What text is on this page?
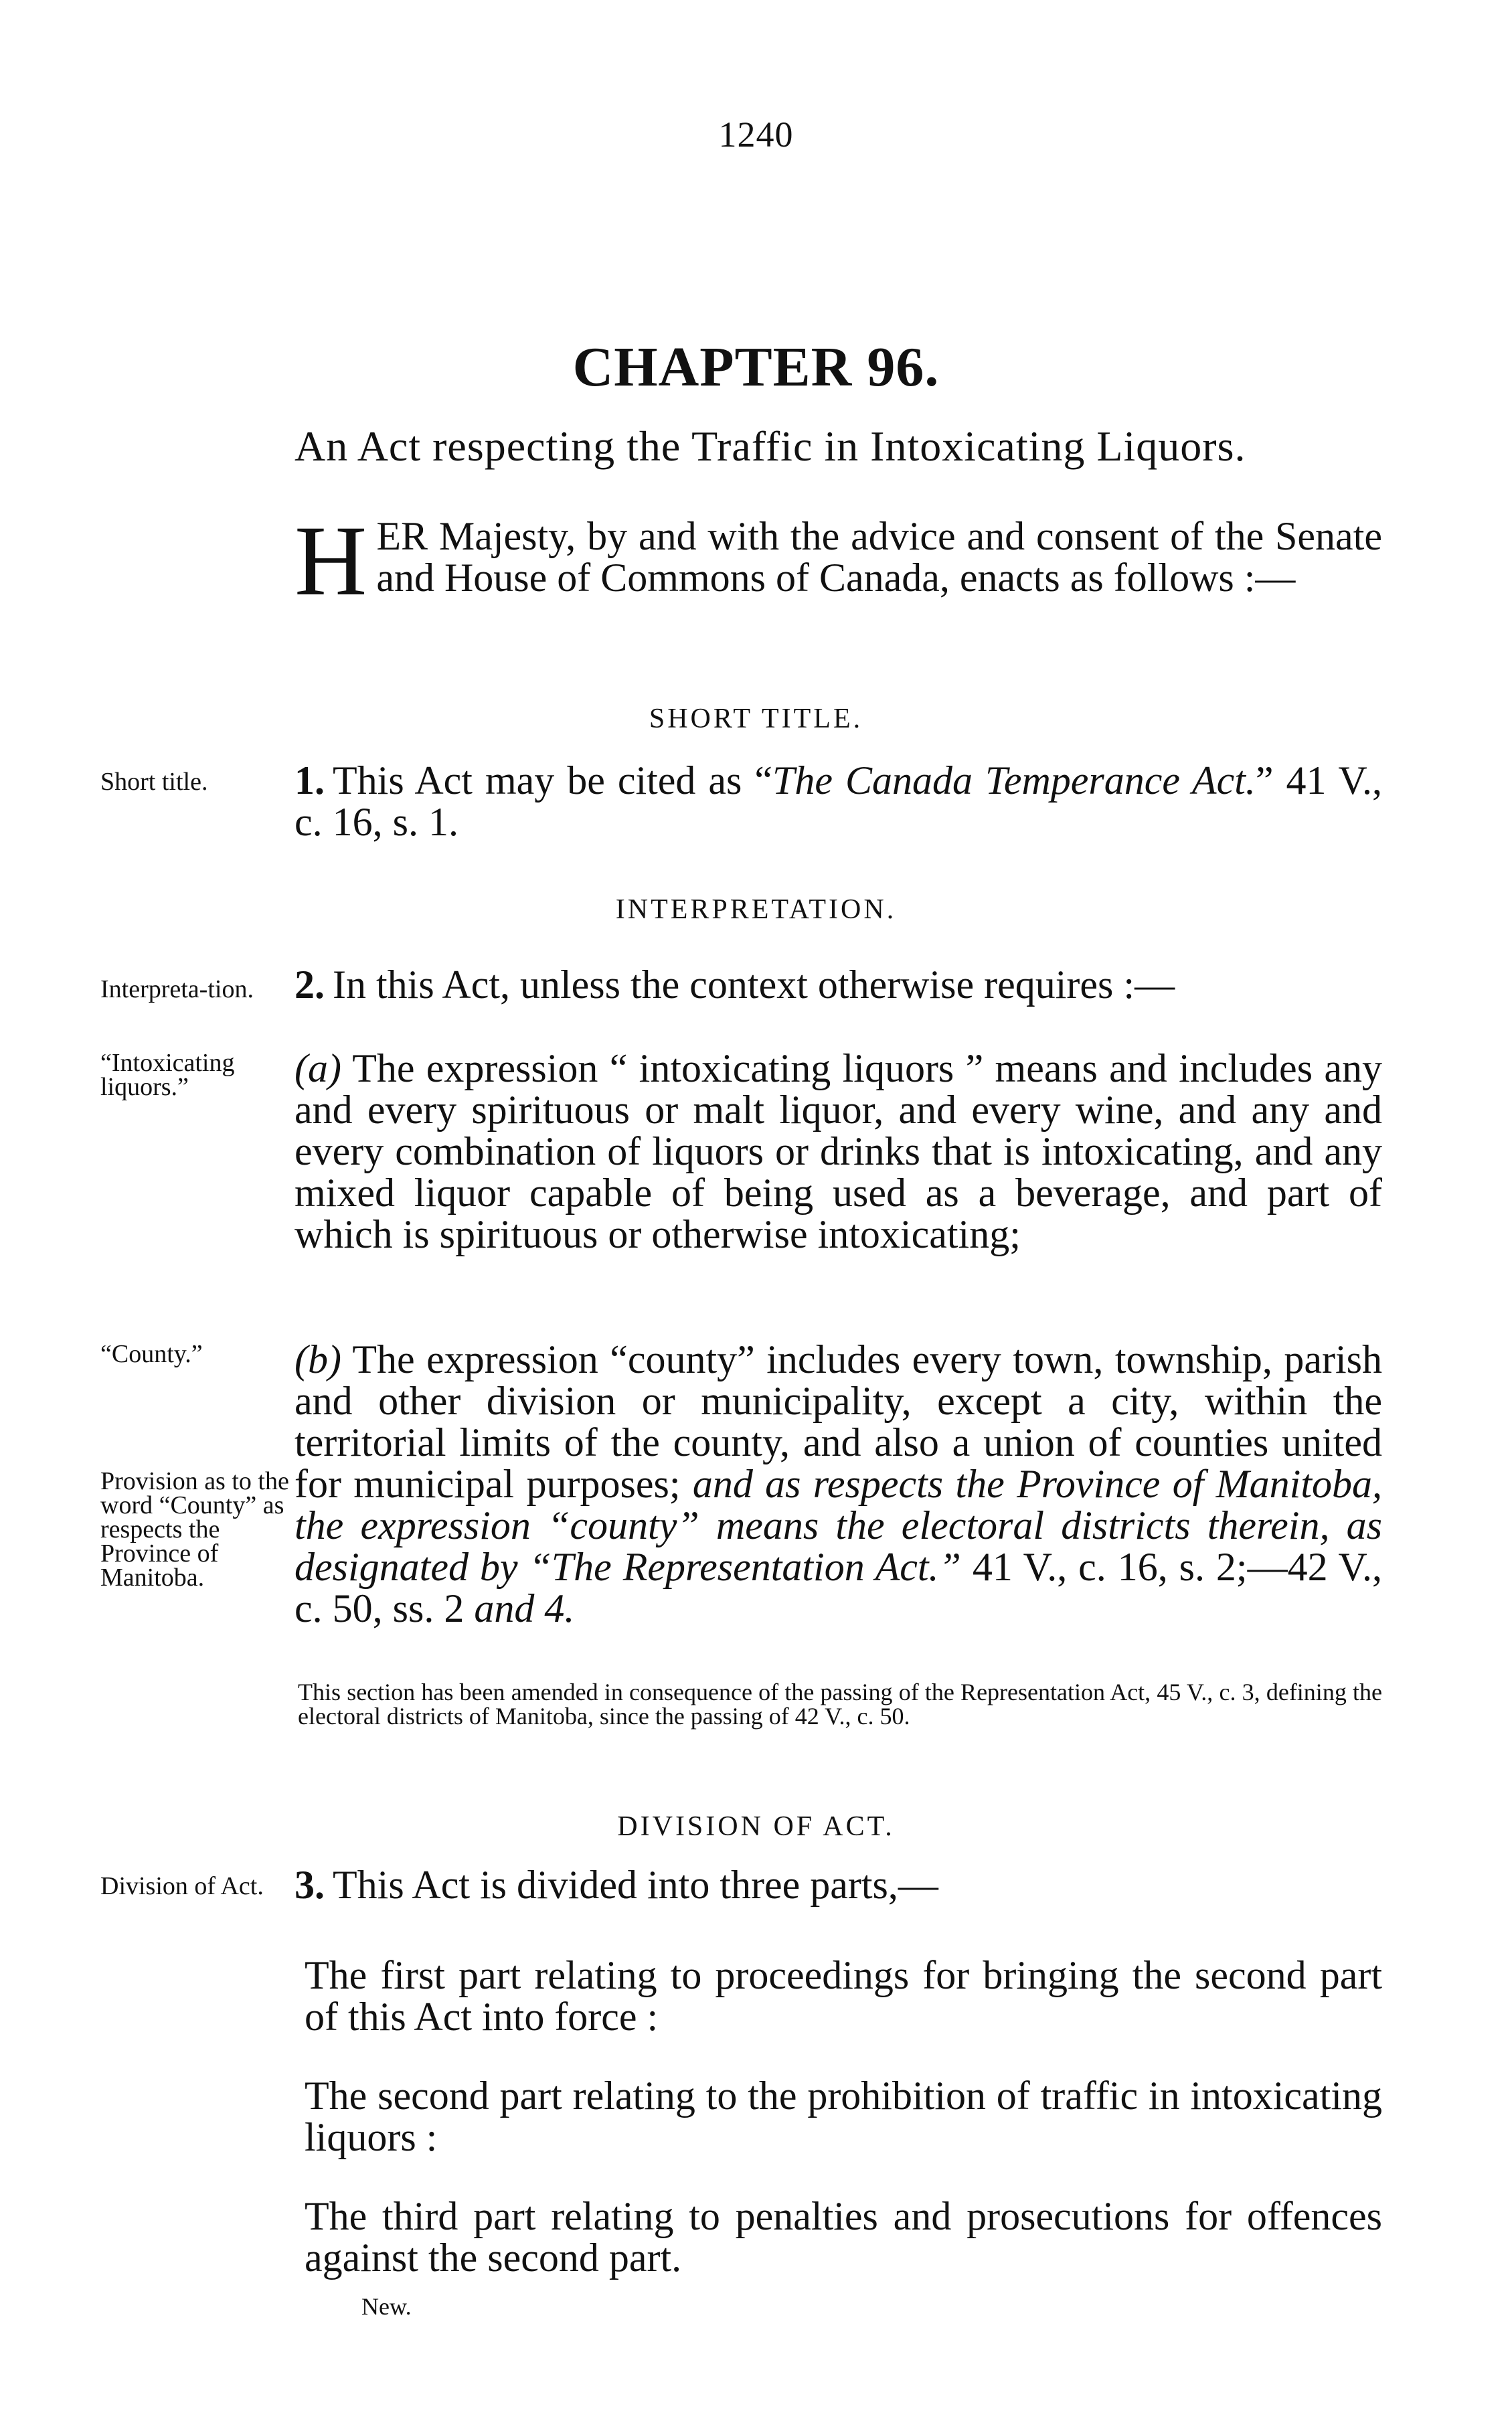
1240
CHAPTER 96.
An Act respecting the Traffic in Intoxicating Liquors.
H ER Majesty, by and with the advice and consent of the Senate and House of Commons of Canada, enacts as follows :—
SHORT TITLE.
Short title.	1. This Act may be cited as “The Canada Temperance Act.” 41 V., c. 16, s. 1.
INTERPRETATION.
Interpreta-tion.	2. In this Act, unless the context otherwise requires :—
“Intoxicating liquors.”	(a) The expression “ intoxicating liquors ” means and includes any and every spirituous or malt liquor, and every wine, and any and every combination of liquors or drinks that is intoxicating, and any mixed liquor capable of being used as a beverage, and part of which is spirituous or otherwise intoxicating;
“County.”
Provision as to the word “County” as respects the Province of Manitoba.
(b) The expression “county” includes every town, township, parish and other division or municipality, except a city, within the territorial limits of the county, and also a union of counties united for municipal purposes; and as respects the Province of Manitoba, the expression “county” means the electoral districts therein, as designated by “The Representation Act.” 41 V., c. 16, s. 2;—42 V., c. 50, ss. 2 and 4.
This section has been amended in consequence of the passing of the Representation Act, 45 V., c. 3, defining the electoral districts of Manitoba, since the passing of 42 V., c. 50.
DIVISION OF ACT.
Division of Act. 3. This Act is divided into three parts,—
The first part relating to proceedings for bringing the second part of this Act into force :
The second part relating to the prohibition of traffic in intoxicating liquors :
The third part relating to penalties and prosecutions for offences against the second part.
New.
